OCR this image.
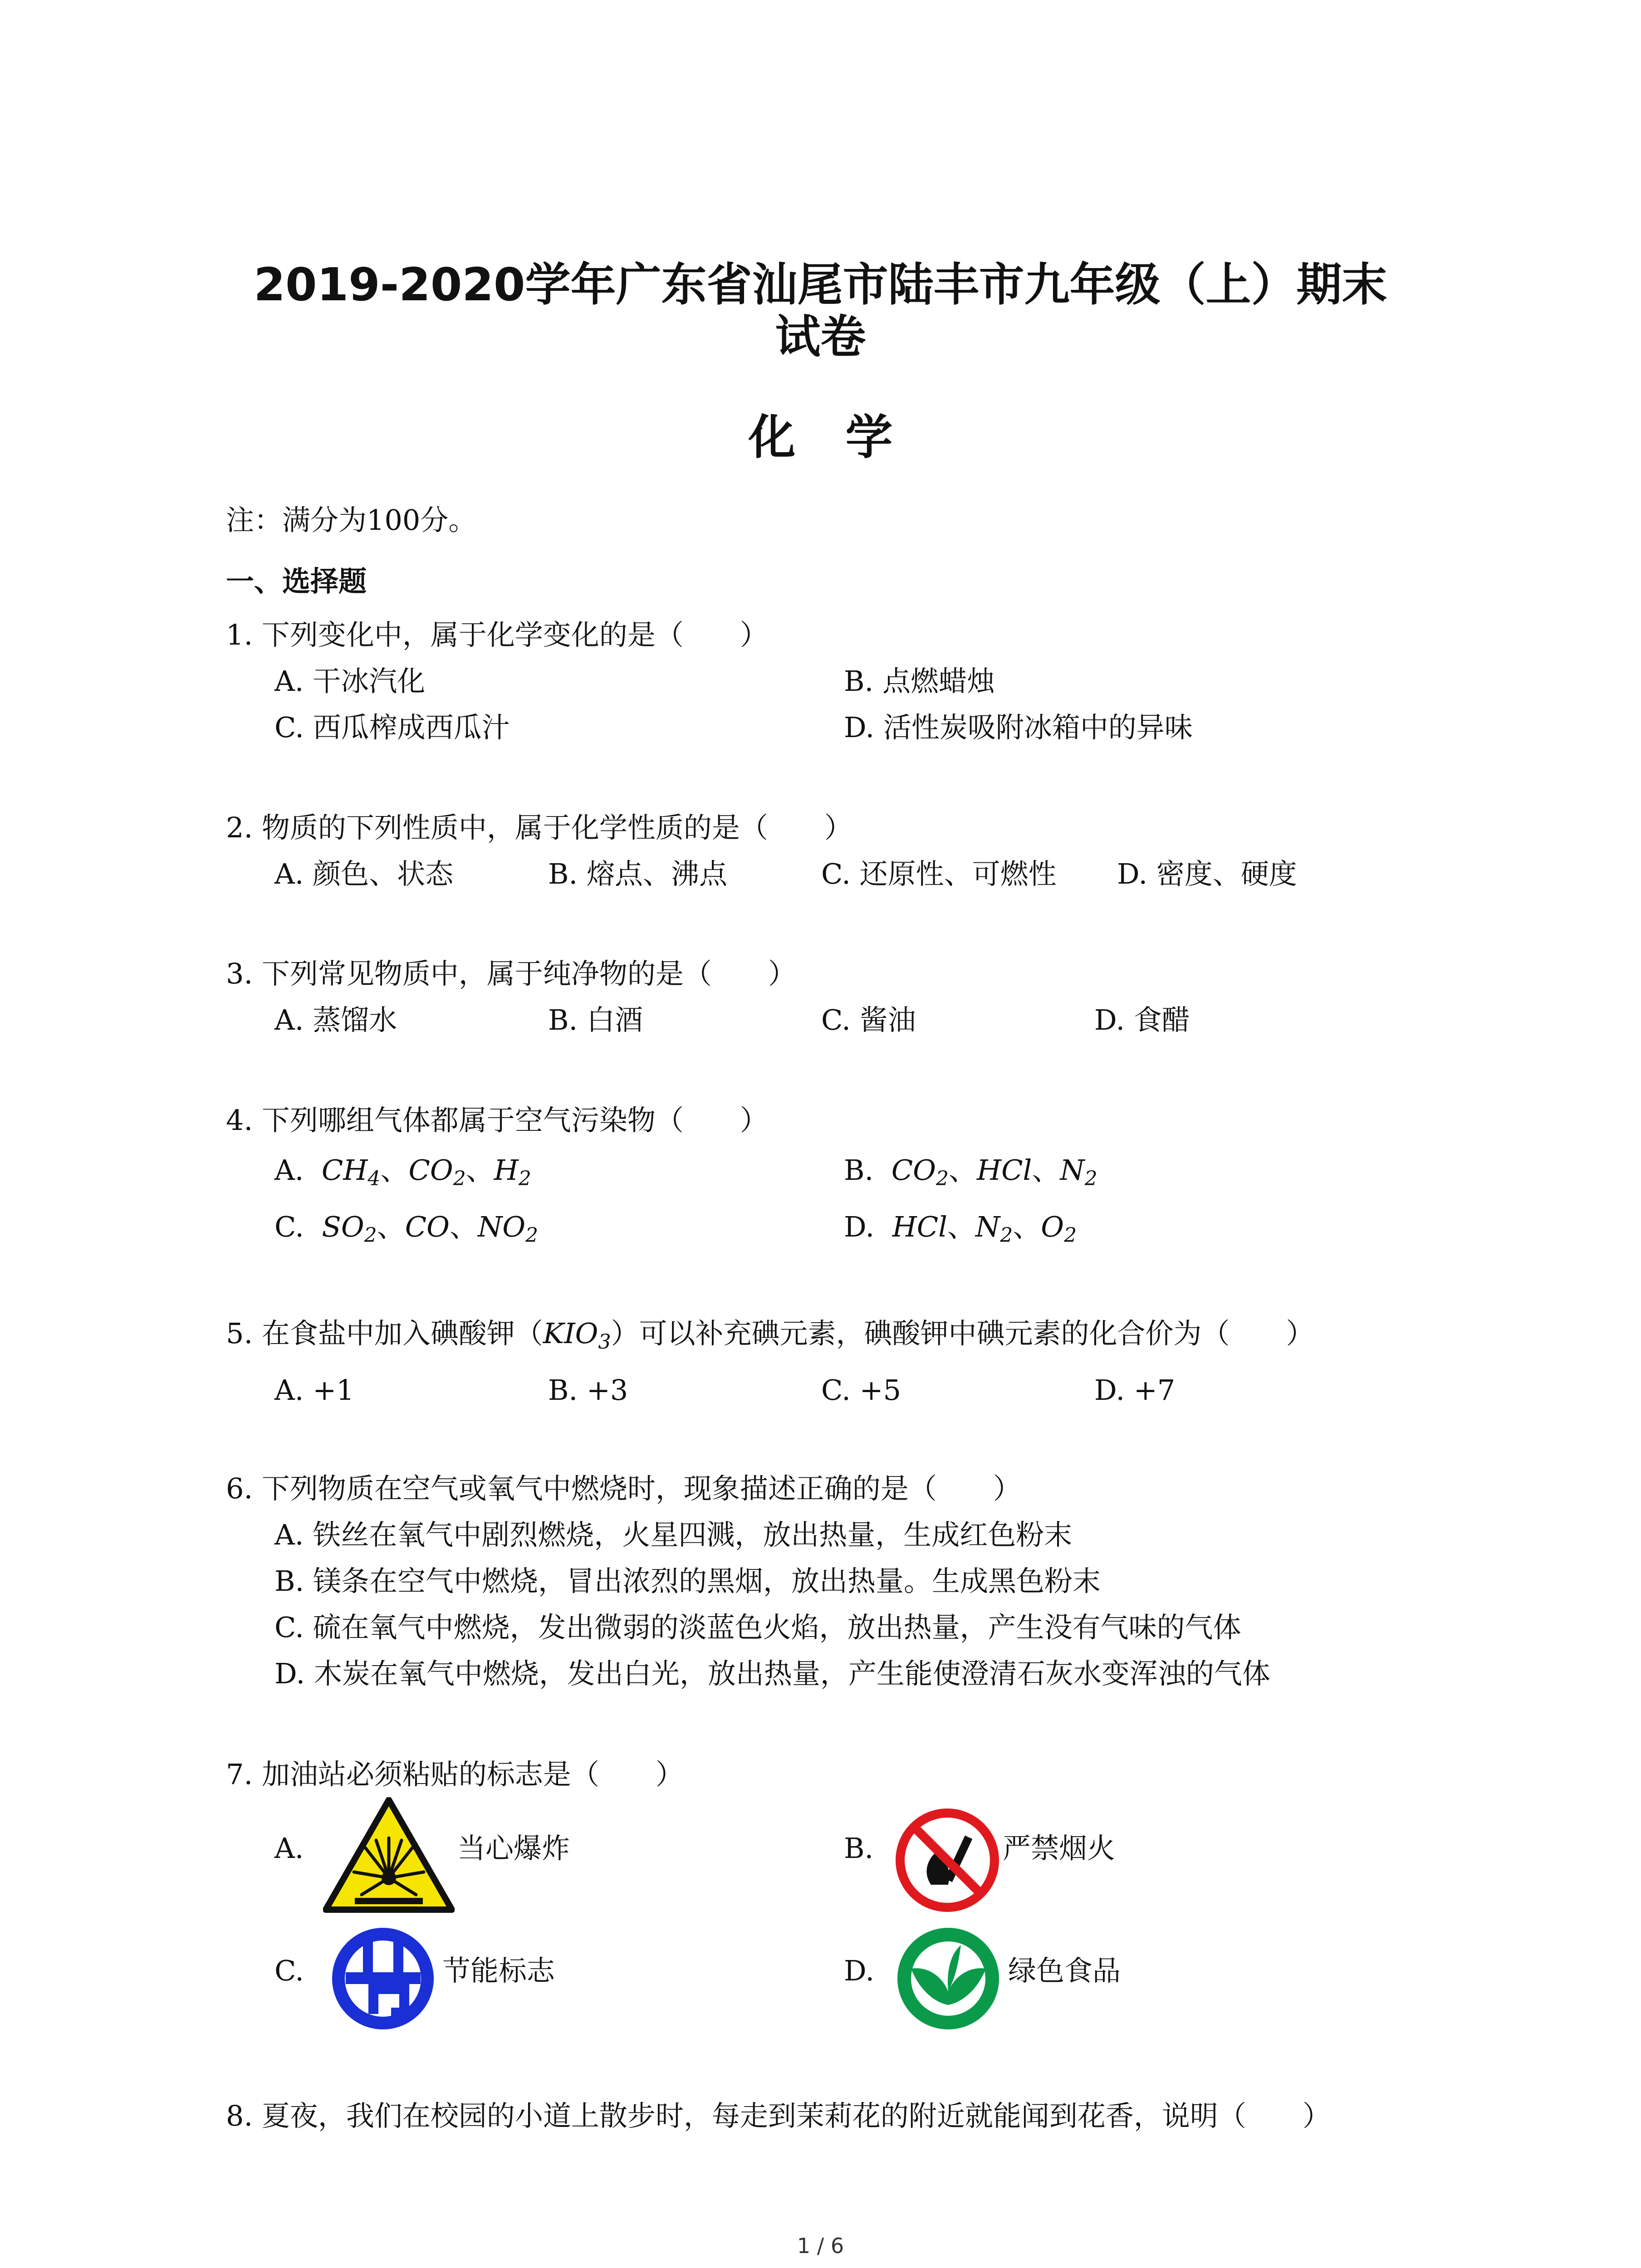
2019-2020学年广东省汕尾市陆丰市九年级（上）期末
试卷
化学
注：满分为100分。
一、选择题
1. 下列变化中，属于化学变化的是（　　）
A. 干冰汽化	B. 点燃蜡烛
C. 西瓜榨成西瓜汁	D. 活性炭吸附冰箱中的异味
2. 物质的下列性质中，属于化学性质的是（　　）
A. 颜色、状态	B. 熔点、沸点	C. 还原性、可燃性 D. 密度、硬度
3. 下列常见物质中，属于纯净物的是（　　）
A. 蒸馏水	B. 白酒	C. 酱油	D. 食醋
4. 下列哪组气体都属于空气污染物（　　）
A. $CH_4$、$CO_2$、$H_2$	B. $CO_2$、HCl、$N_2$
C. $SO_2$、CO、$NO_2$	D. HCl、$N_2$、$O_2$
5. 在食盐中加入碘酸钾$(KIO_3)$可以补充碘元素，碘酸钾中碘元素的化合价为（　　）
A. +1	B. +3	C. +5	D. +7
6. 下列物质在空气或氧气中燃烧时，现象描述正确的是（　　）
A. 铁丝在氧气中剧烈燃烧，火星四溅，放出热量，生成红色粉末
B. 镁条在空气中燃烧，冒出浓烈的黑烟，放出热量。生成黑色粉末
C. 硫在氧气中燃烧，发出微弱的淡蓝色火焰，放出热量，产生没有气味的气体
D. 木炭在氧气中燃烧，发出白光，放出热量，产生能使澄清石灰水变浑浊的气体
7. 加油站必须粘贴的标志是（　　）
A.	当心爆炸	B.	严禁烟火
C.	节能标志	D.	绿色食品
8. 夏夜，我们在校园的小道上散步时，每走到茉莉花的附近就能闻到花香，说明（　　）
1 / 6
